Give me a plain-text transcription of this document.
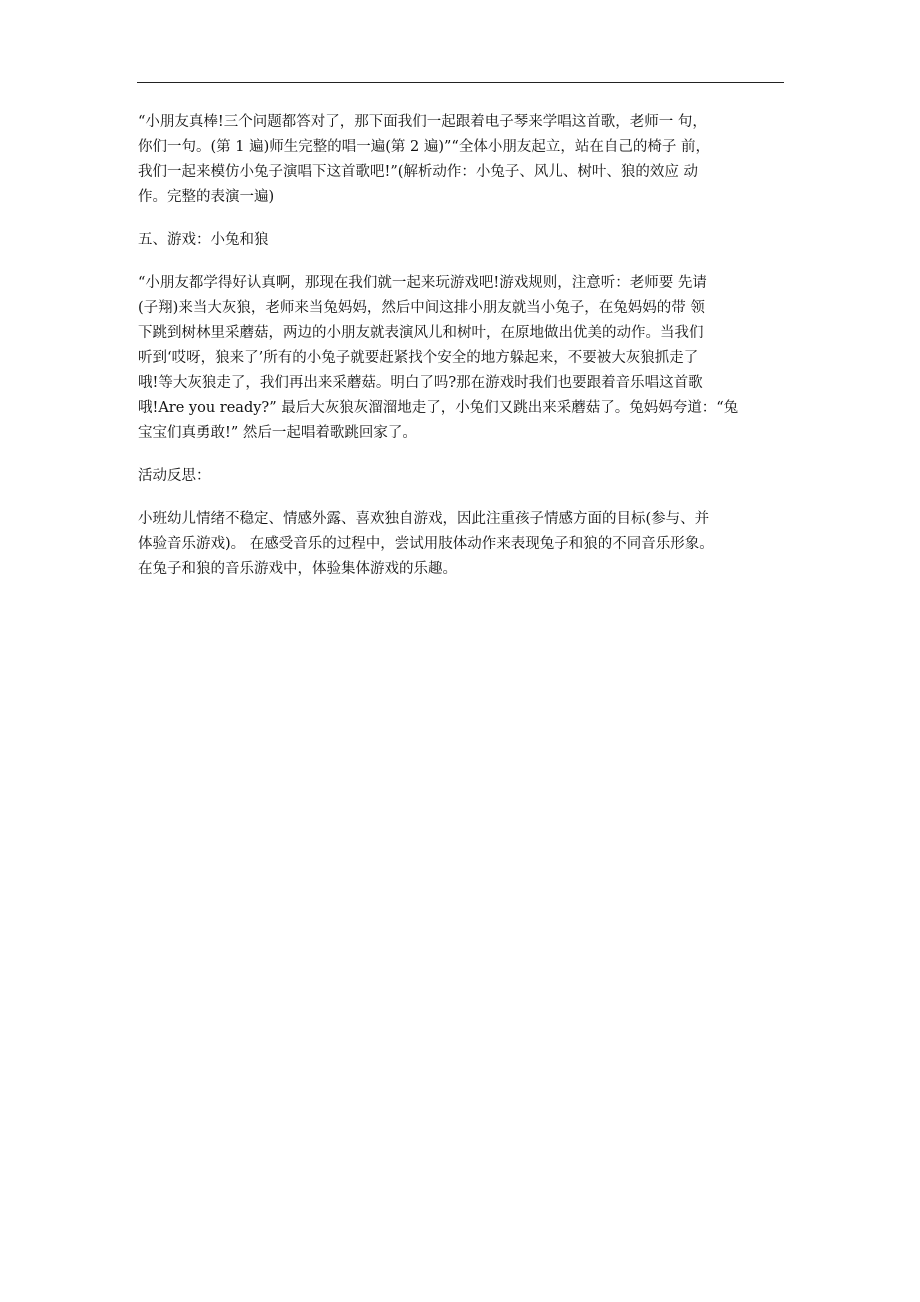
“小朋友真棒!三个问题都答对了，那下面我们一起跟着电子琴来学唱这首歌，老师一 句，
你们一句。(第 1 遍)师生完整的唱一遍(第 2 遍)”“全体小朋友起立，站在自己的椅子 前，
我们一起来模仿小兔子演唱下这首歌吧!”(解析动作：小兔子、风儿、树叶、狼的效应 动
作。完整的表演一遍)

五、游戏：小兔和狼

“小朋友都学得好认真啊，那现在我们就一起来玩游戏吧!游戏规则，注意听：老师要 先请
(子翔)来当大灰狼，老师来当兔妈妈，然后中间这排小朋友就当小兔子，在兔妈妈的带 领
下跳到树林里采蘑菇，两边的小朋友就表演风儿和树叶，在原地做出优美的动作。当我们
听到‘哎呀，狼来了’所有的小兔子就要赶紧找个安全的地方躲起来，不要被大灰狼抓走了
哦!等大灰狼走了，我们再出来采蘑菇。明白了吗?那在游戏时我们也要跟着音乐唱这首歌
哦!Are you ready?” 最后大灰狼灰溜溜地走了，小兔们又跳出来采蘑菇了。兔妈妈夸道：“兔
宝宝们真勇敢!” 然后一起唱着歌跳回家了。

活动反思：

小班幼儿情绪不稳定、情感外露、喜欢独自游戏，因此注重孩子情感方面的目标(参与、并
体验音乐游戏)。 在感受音乐的过程中，尝试用肢体动作来表现兔子和狼的不同音乐形象。
在兔子和狼的音乐游戏中，体验集体游戏的乐趣。
